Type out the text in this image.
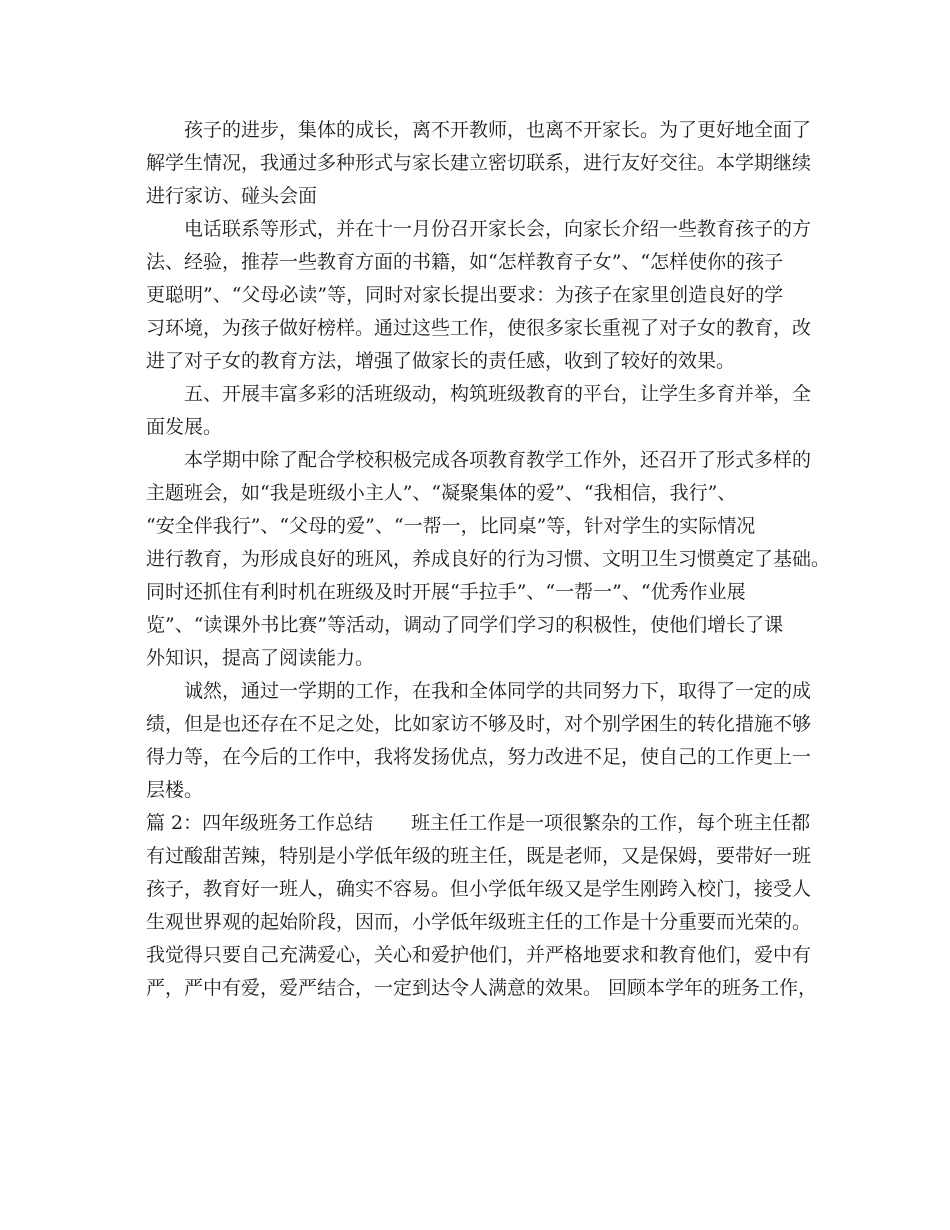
孩子的进步，集体的成长，离不开教师，也离不开家长。为了更好地全面了
解学生情况，我通过多种形式与家长建立密切联系，进行友好交往。本学期继续
进行家访、碰头会面
电话联系等形式，并在十一月份召开家长会，向家长介绍一些教育孩子的方
法、经验，推荐一些教育方面的书籍，如“怎样教育子女”、“怎样使你的孩子
更聪明”、“父母必读”等，同时对家长提出要求：为孩子在家里创造良好的学
习环境，为孩子做好榜样。通过这些工作，使很多家长重视了对子女的教育，改
进了对子女的教育方法，增强了做家长的责任感，收到了较好的效果。
五、开展丰富多彩的活班级动，构筑班级教育的平台，让学生多育并举，全
面发展。
本学期中除了配合学校积极完成各项教育教学工作外，还召开了形式多样的
主题班会，如“我是班级小主人”、“凝聚集体的爱”、“我相信，我行”、
“安全伴我行”、“父母的爱”、“一帮一，比同桌”等，针对学生的实际情况
进行教育，为形成良好的班风，养成良好的行为习惯、文明卫生习惯奠定了基础。
同时还抓住有利时机在班级及时开展“手拉手”、“一帮一”、“优秀作业展
览”、“读课外书比赛”等活动，调动了同学们学习的积极性，使他们增长了课
外知识，提高了阅读能力。
诚然，通过一学期的工作，在我和全体同学的共同努力下，取得了一定的成
绩，但是也还存在不足之处，比如家访不够及时，对个别学困生的转化措施不够
得力等，在今后的工作中，我将发扬优点，努力改进不足，使自己的工作更上一
层楼。
篇 2：四年级班务工作总结　　班主任工作是一项很繁杂的工作，每个班主任都
有过酸甜苦辣，特别是小学低年级的班主任，既是老师，又是保姆，要带好一班
孩子，教育好一班人，确实不容易。但小学低年级又是学生刚跨入校门，接受人
生观世界观的起始阶段，因而，小学低年级班主任的工作是十分重要而光荣的。
我觉得只要自己充满爱心，关心和爱护他们，并严格地要求和教育他们，爱中有
严，严中有爱，爱严结合，一定到达令人满意的效果。 回顾本学年的班务工作，
